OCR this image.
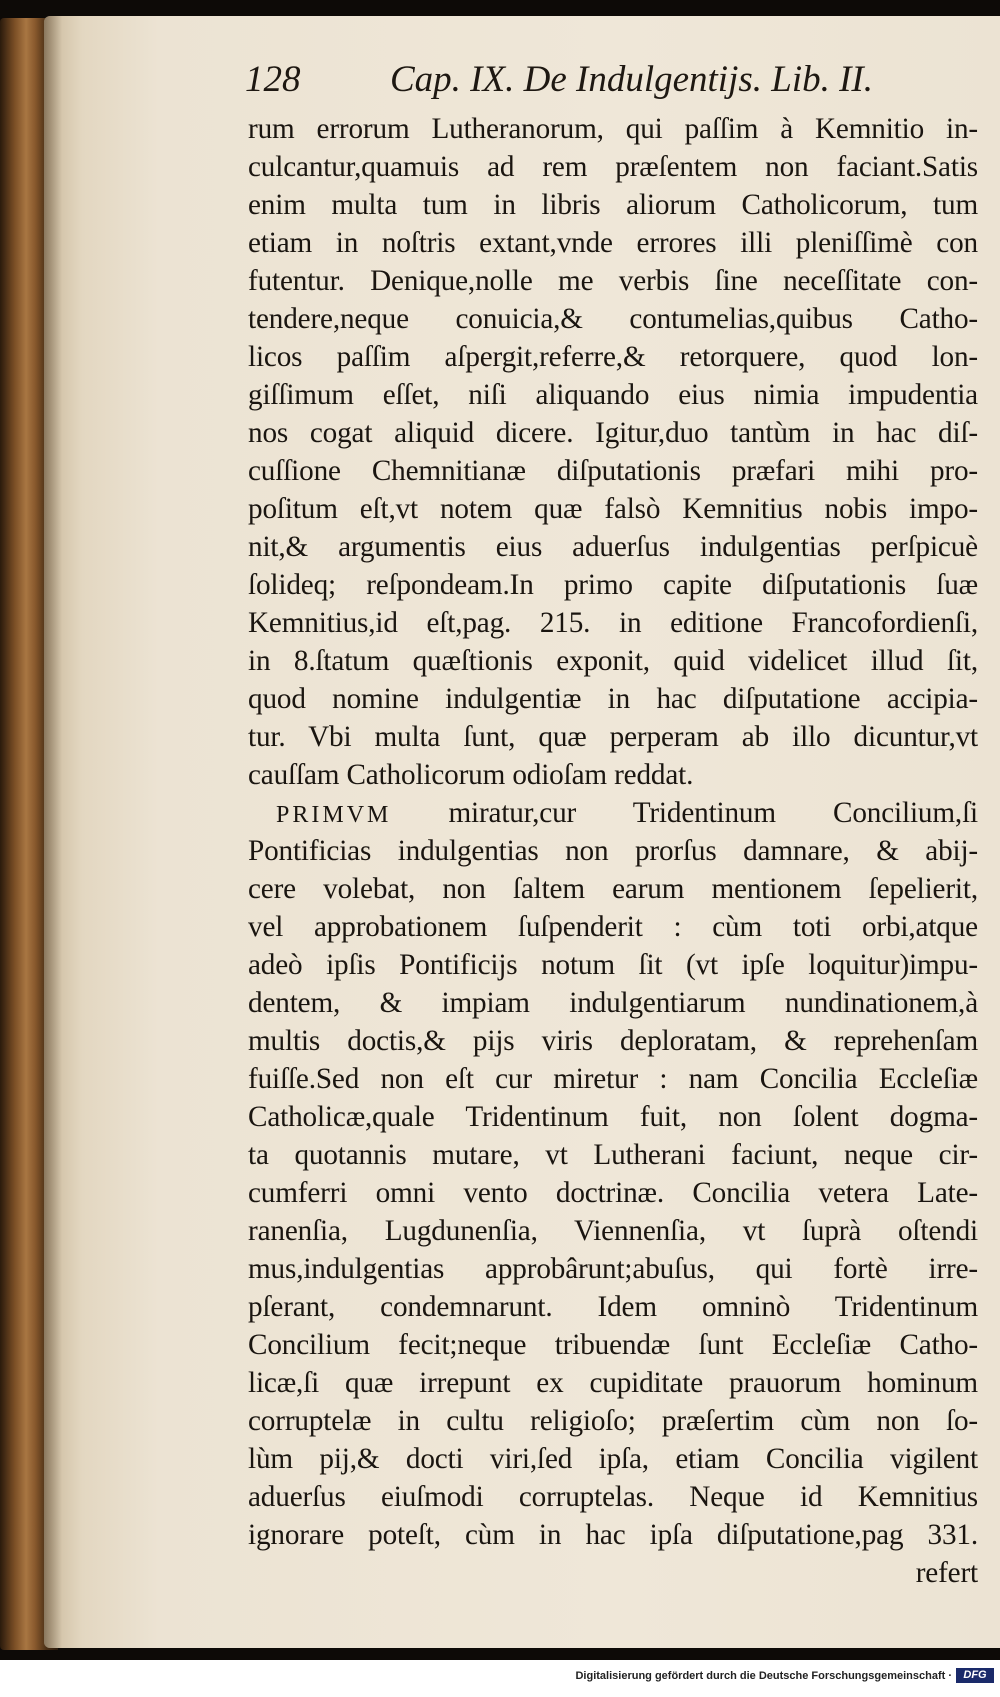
128 Cap. IX. De Indulgentijs. Lib. II.
rum errorum Lutheranorum, qui paſſim à Kemnitio in-
culcantur,quamuis ad rem præſentem non faciant.Satis
enim multa tum in libris aliorum Catholicorum, tum
etiam in noſtris extant,vnde errores illi pleniſſimè con
futentur. Denique,nolle me verbis ſine neceſſitate con-
tendere,neque conuicia,& contumelias,quibus Catho-
licos paſſim aſpergit,referre,& retorquere, quod lon-
giſſimum eſſet, niſi aliquando eius nimia impudentia
nos cogat aliquid dicere. Igitur,duo tantùm in hac diſ-
cuſſione Chemnitianæ diſputationis præfari mihi pro-
poſitum eſt,vt notem quæ falsò Kemnitius nobis impo-
nit,& argumentis eius aduerſus indulgentias perſpicuè
ſolideq; reſpondeam.In primo capite diſputationis ſuæ
Kemnitius,id eſt,pag. 215. in editione Francofordienſi,
in 8.ſtatum quæſtionis exponit, quid videlicet illud ſit,
quod nomine indulgentiæ in hac diſputatione accipia-
tur. Vbi multa ſunt, quæ perperam ab illo dicuntur,vt
cauſſam Catholicorum odioſam reddat.
PRIMVM miratur,cur Tridentinum Concilium,ſi
Pontificias indulgentias non prorſus damnare, & abij-
cere volebat, non ſaltem earum mentionem ſepelierit,
vel approbationem ſuſpenderit : cùm toti orbi,atque
adeò ipſis Pontificijs notum ſit (vt ipſe loquitur)impu-
dentem, & impiam indulgentiarum nundinationem,à
multis doctis,& pijs viris deploratam, & reprehenſam
fuiſſe.Sed non eſt cur miretur : nam Concilia Eccleſiæ
Catholicæ,quale Tridentinum fuit, non ſolent dogma-
ta quotannis mutare, vt Lutherani faciunt, neque cir-
cumferri omni vento doctrinæ. Concilia vetera Late-
ranenſia, Lugdunenſia, Viennenſia, vt ſuprà oſtendi
mus,indulgentias approbârunt;abuſus, qui fortè irre-
pſerant, condemnarunt. Idem omninò Tridentinum
Concilium fecit;neque tribuendæ ſunt Eccleſiæ Catho-
licæ,ſi quæ irrepunt ex cupiditate prauorum hominum
corruptelæ in cultu religioſo; præſertim cùm non ſo-
lùm pij,& docti viri,ſed ipſa, etiam Concilia vigilent
aduerſus eiuſmodi corruptelas. Neque id Kemnitius
ignorare poteſt, cùm in hac ipſa diſputatione,pag 331.
refert
Digitalisierung gefördert durch die Deutsche Forschungsgemeinschaft ·	DFG
